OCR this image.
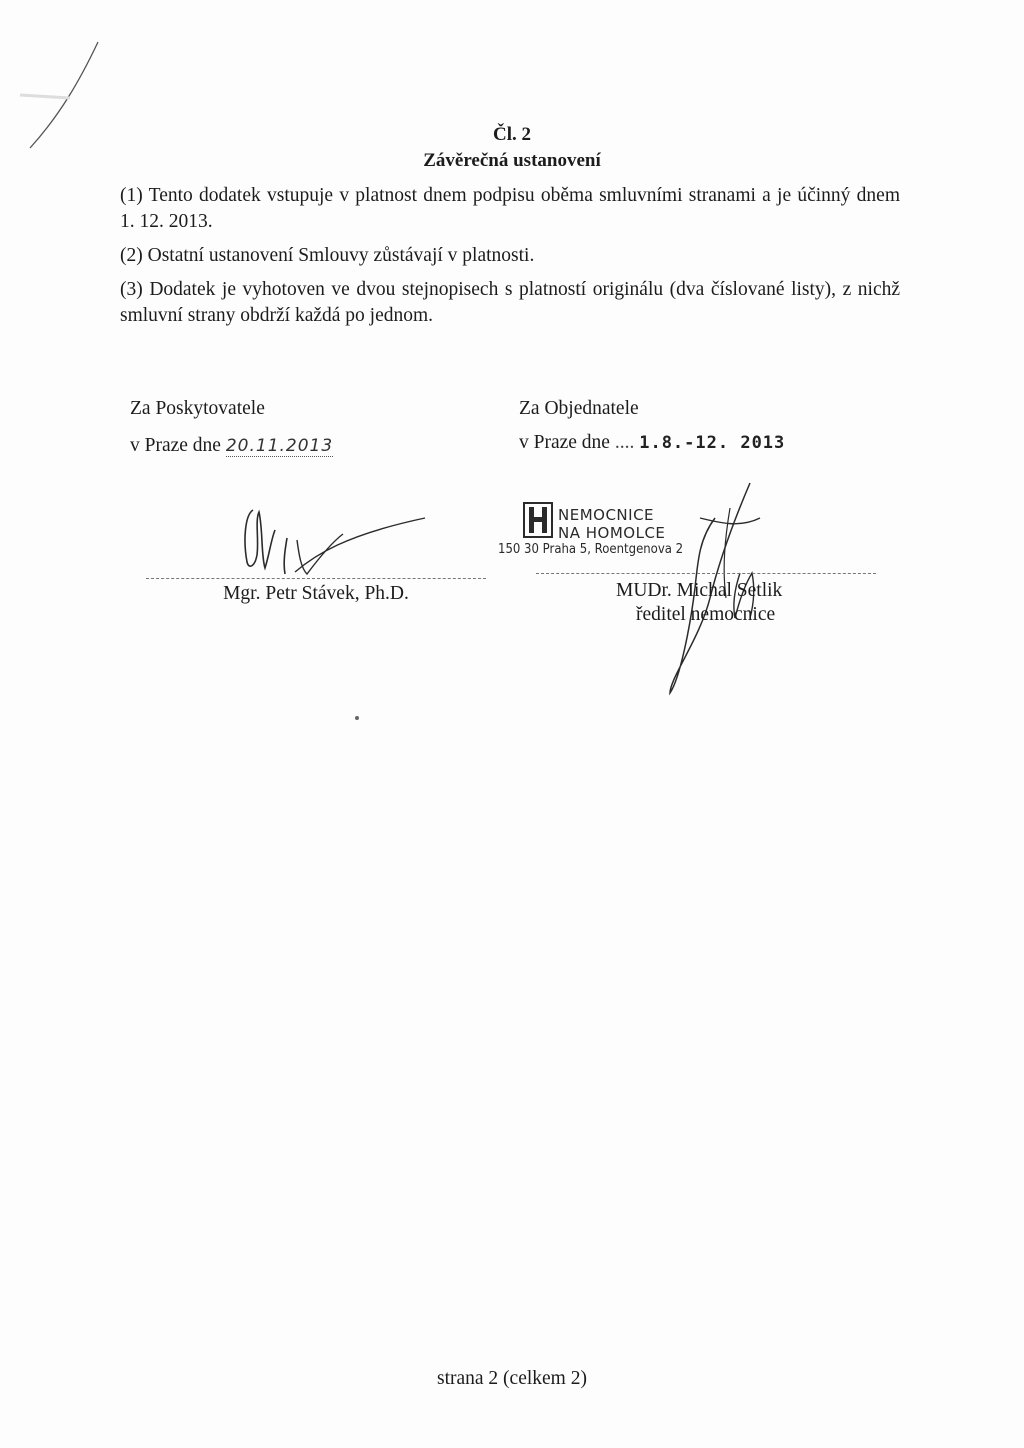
Čl. 2
Závěrečná ustanovení
(1) Tento dodatek vstupuje v platnost dnem podpisu oběma smluvními stranami a je účinný dnem 1. 12. 2013.
(2) Ostatní ustanovení Smlouvy zůstávají v platnosti.
(3) Dodatek je vyhotoven ve dvou stejnopisech s platností originálu (dva číslované listy), z nichž smluvní strany obdrží každá po jednom.
Za Poskytovatele
v Praze dne 20.11.2013
Za Objednatele
v Praze dne .... 1.8.-12. 2013
NEMOCNICE
NA HOMOLCE
150 30 Praha 5, Roentgenova 2
Mgr. Petr Stávek, Ph.D.	MUDr. Michal Setlik
ředitel nemocnice
strana 2 (celkem 2)
